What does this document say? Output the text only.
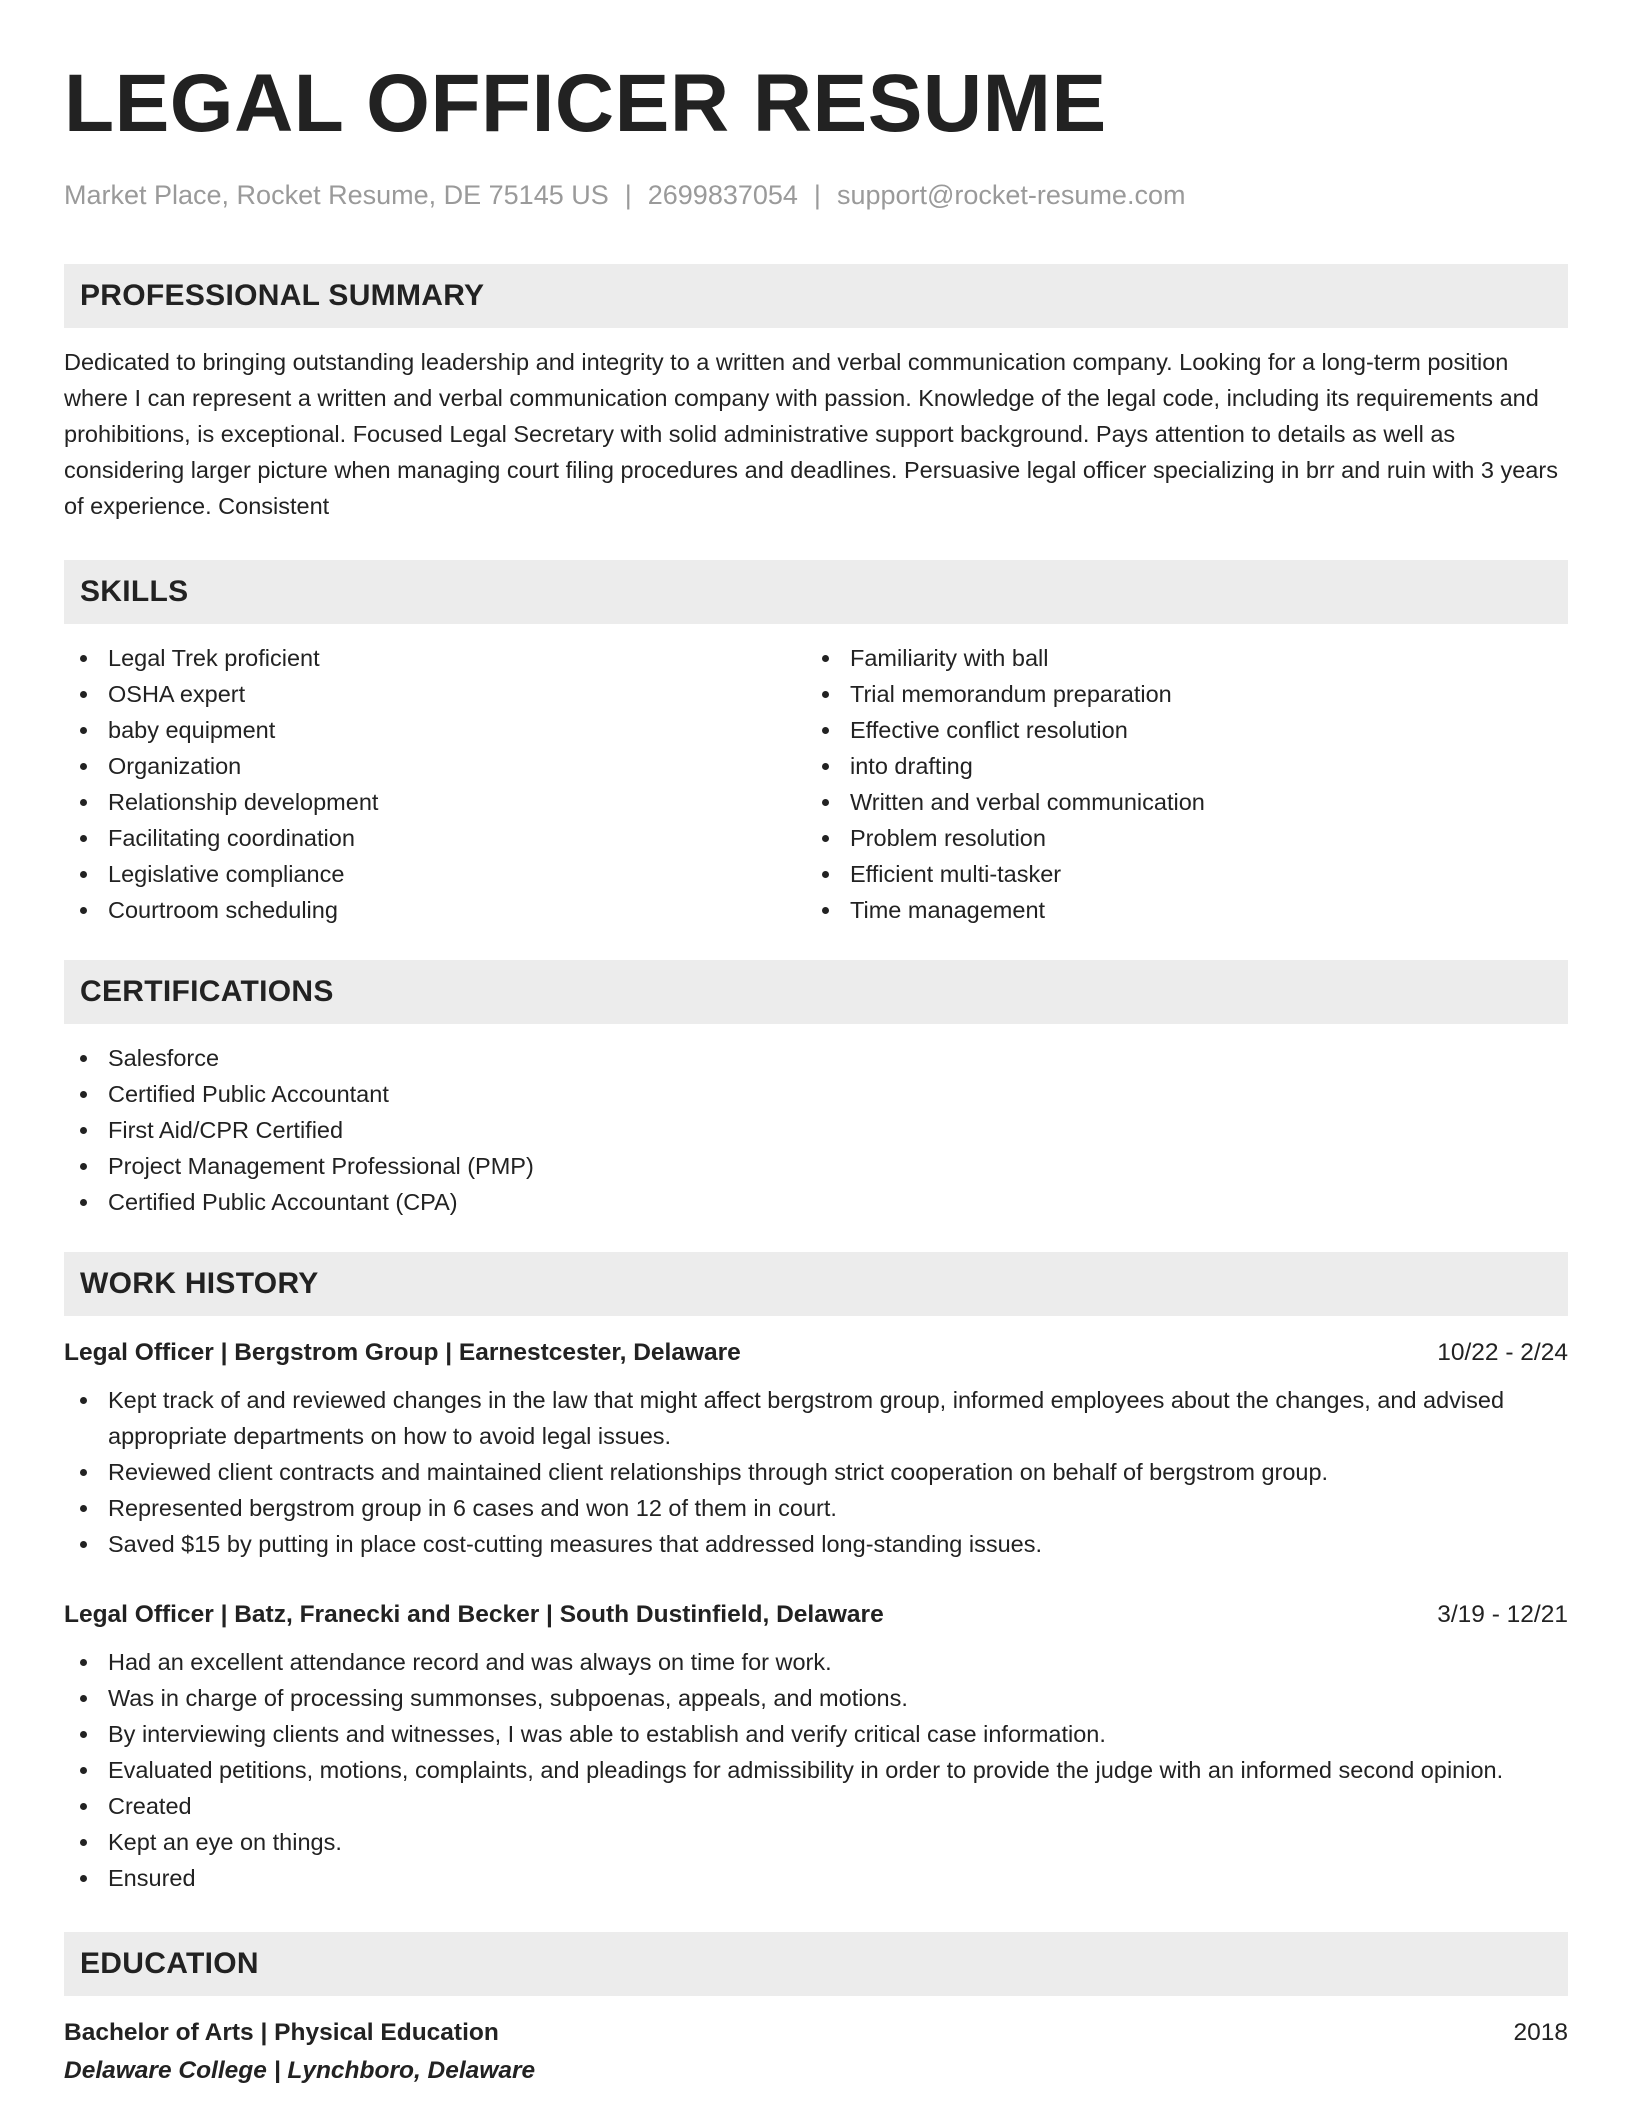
LEGAL OFFICER RESUME
Market Place, Rocket Resume, DE 75145 US | 2699837054 | support@rocket-resume.com
PROFESSIONAL SUMMARY

Dedicated to bringing outstanding leadership and integrity to a written and verbal communication company. Looking for a long-term position where I can represent a written and verbal communication company with passion. Knowledge of the legal code, including its requirements and prohibitions, is exceptional. Focused Legal Secretary with solid administrative support background. Pays attention to details as well as considering larger picture when managing court filing procedures and deadlines. Persuasive legal officer specializing in brr and ruin with 3 years of experience. Consistent

SKILLS
Legal Trek proficient
OSHA expert
baby equipment
Organization
Relationship development
Facilitating coordination
Legislative compliance
Courtroom scheduling
Familiarity with ball
Trial memorandum preparation
Effective conflict resolution
into drafting
Written and verbal communication
Problem resolution
Efficient multi-tasker
Time management
CERTIFICATIONS
Salesforce
Certified Public Accountant
First Aid/CPR Certified
Project Management Professional (PMP)
Certified Public Accountant (CPA)
WORK HISTORY
Legal Officer | Bergstrom Group | Earnestcester, Delaware	10/22 - 2/24
Kept track of and reviewed changes in the law that might affect bergstrom group, informed employees about the changes, and advised appropriate departments on how to avoid legal issues.
Reviewed client contracts and maintained client relationships through strict cooperation on behalf of bergstrom group.
Represented bergstrom group in 6 cases and won 12 of them in court.
Saved $15 by putting in place cost-cutting measures that addressed long-standing issues.
Legal Officer | Batz, Franecki and Becker | South Dustinfield, Delaware	3/19 - 12/21
Had an excellent attendance record and was always on time for work.
Was in charge of processing summonses, subpoenas, appeals, and motions.
By interviewing clients and witnesses, I was able to establish and verify critical case information.
Evaluated petitions, motions, complaints, and pleadings for admissibility in order to provide the judge with an informed second opinion.
Created
Kept an eye on things.
Ensured
EDUCATION
Bachelor of Arts | Physical Education	2018
Delaware College | Lynchboro, Delaware
